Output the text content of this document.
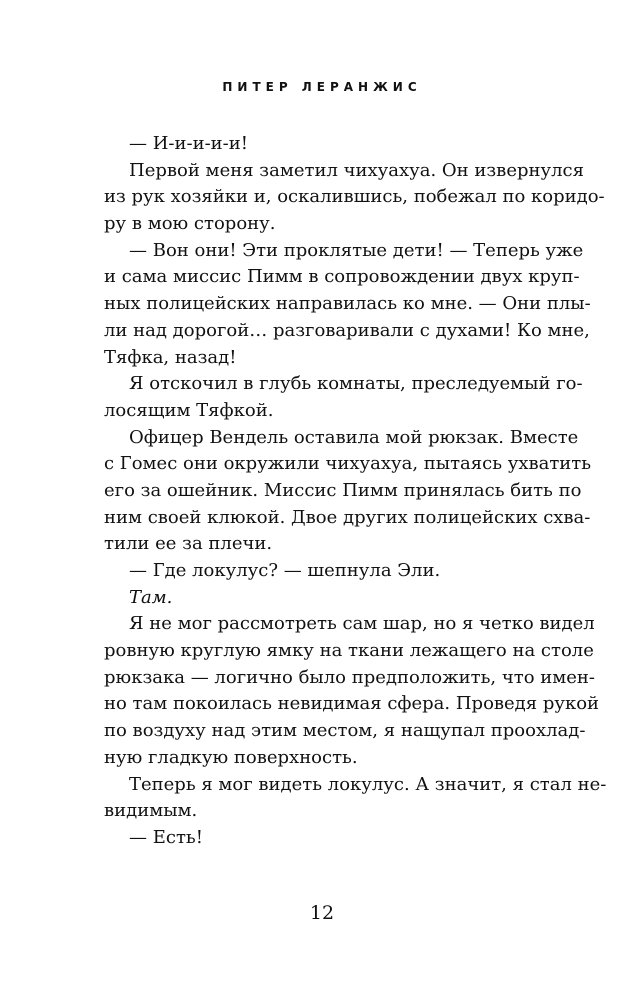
ПИТЕР ЛЕРАНЖИС
— И-и-и-и-и!
Первой меня заметил чихуахуа. Он извернулся
из рук хозяйки и, оскалившись, побежал по коридо-
ру в мою сторону.
— Вон они! Эти проклятые дети! — Теперь уже
и сама миссис Пимм в сопровождении двух круп-
ных полицейских направилась ко мне. — Они плы-
ли над дорогой… разговаривали с духами! Ко мне,
Тяфка, назад!
Я отскочил в глубь комнаты, преследуемый го-
лосящим Тяфкой.
Офицер Вендель оставила мой рюкзак. Вместе
с Гомес они окружили чихуахуа, пытаясь ухватить
его за ошейник. Миссис Пимм принялась бить по
ним своей клюкой. Двое других полицейских схва-
тили ее за плечи.
— Где локулус? — шепнула Эли.
Там.
Я не мог рассмотреть сам шар, но я четко видел
ровную круглую ямку на ткани лежащего на столе
рюкзака — логично было предположить, что имен-
но там покоилась невидимая сфера. Проведя рукой
по воздуху над этим местом, я нащупал проохлад-
ную гладкую поверхность.
Теперь я мог видеть локулус. А значит, я стал не-
видимым.
— Есть!
12
